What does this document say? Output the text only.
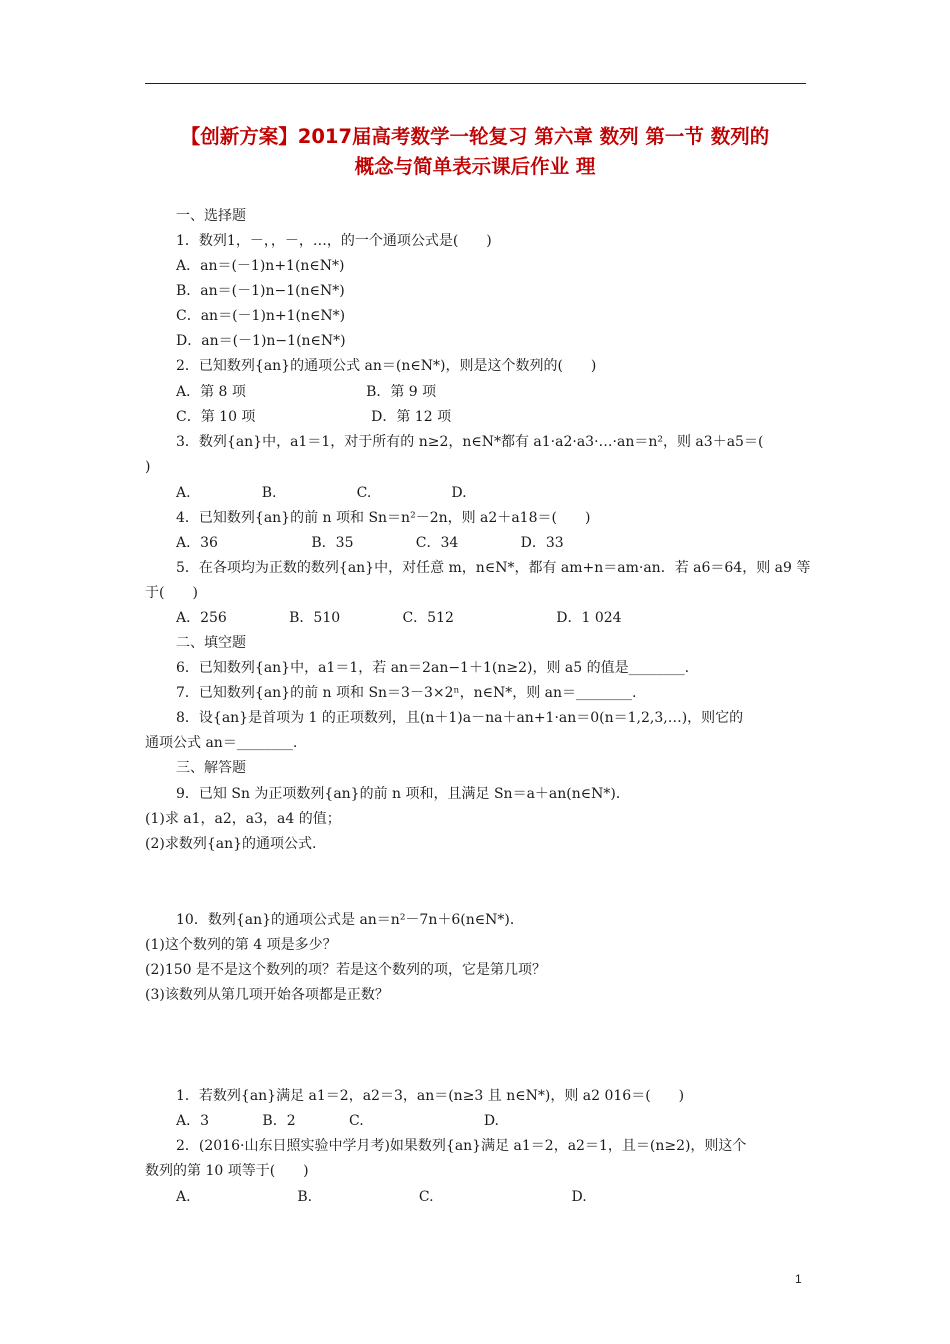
【创新方案】2017届高考数学一轮复习 第六章 数列 第一节 数列的
概念与简单表示课后作业 理
一、选择题
1．数列1，－，，－，…，的一个通项公式是(　　)
A．an＝(－1)n+1(n∈N*)
B．an＝(－1)n−1(n∈N*)
C．an＝(－1)n+1(n∈N*)
D．an＝(－1)n−1(n∈N*)
2．已知数列{an}的通项公式 an＝(n∈N*)，则是这个数列的(　　)
A．第 8 项                           B．第 9 项
C．第 10 项                          D．第 12 项
3．数列{an}中，a1＝1，对于所有的 n≥2，n∈N*都有 a1·a2·a3·…·an＝n²，则 a3＋a5＝(
)
A.                B.                  C.                  D.
4．已知数列{an}的前 n 项和 Sn＝n²－2n，则 a2＋a18＝(　　)
A．36                     B．35              C．34              D．33
5．在各项均为正数的数列{an}中，对任意 m，n∈N*，都有 am+n＝am·an．若 a6＝64，则 a9 等
于(　　)
A．256              B．510              C．512                       D．1 024
二、填空题
6．已知数列{an}中，a1＝1，若 an＝2an−1＋1(n≥2)，则 a5 的值是________.
7．已知数列{an}的前 n 项和 Sn＝3－3×2ⁿ，n∈N*，则 an＝________.
8．设{an}是首项为 1 的正项数列，且(n＋1)a－na＋an+1·an＝0(n＝1,2,3,…)，则它的
通项公式 an＝________.
三、解答题
9．已知 Sn 为正项数列{an}的前 n 项和，且满足 Sn＝a＋an(n∈N*)．
(1)求 a1，a2，a3，a4 的值；
(2)求数列{an}的通项公式.
10．数列{an}的通项公式是 an＝n²－7n＋6(n∈N*)．
(1)这个数列的第 4 项是多少？
(2)150 是不是这个数列的项？若是这个数列的项，它是第几项？
(3)该数列从第几项开始各项都是正数？
1．若数列{an}满足 a1＝2，a2＝3，an＝(n≥3 且 n∈N*)，则 a2 016＝(　　)
A．3            B．2            C.                           D.
2．(2016·山东日照实验中学月考)如果数列{an}满足 a1＝2，a2＝1，且＝(n≥2)，则这个
数列的第 10 项等于(　　)
A.                        B.                        C.                               D.
1
